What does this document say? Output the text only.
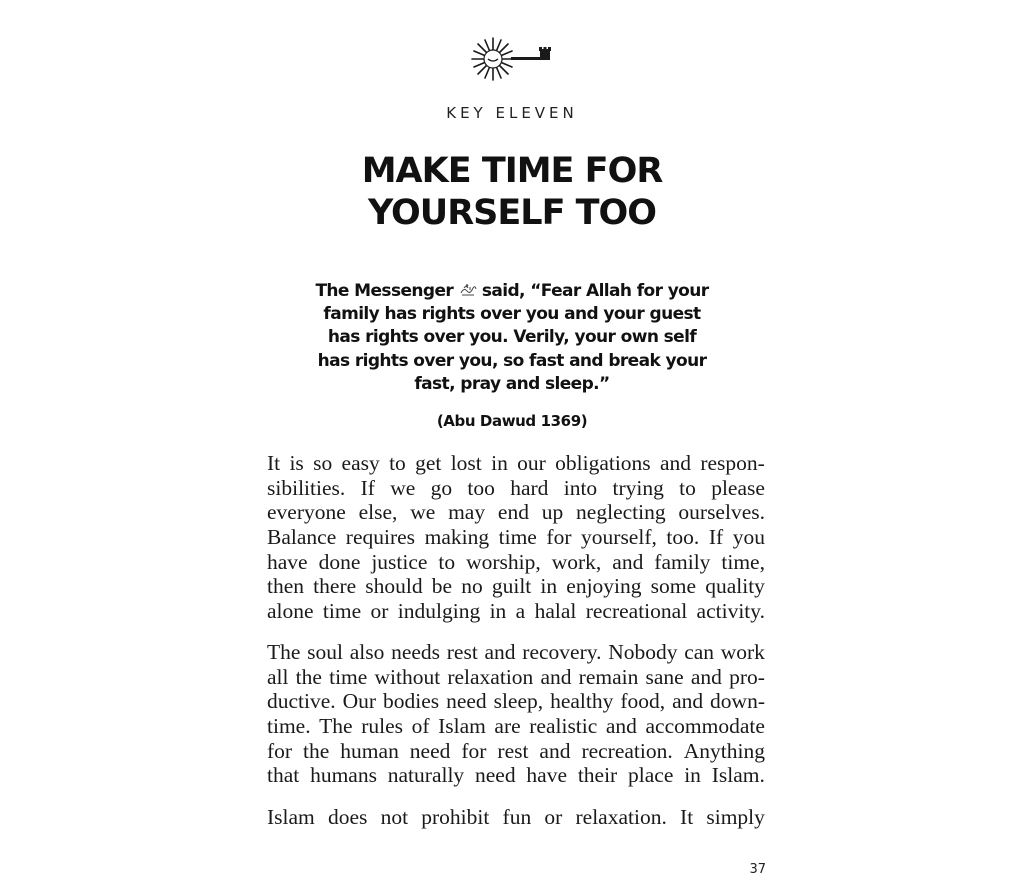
KEY ELEVEN
MAKE TIME FOR
YOURSELF TOO
The Messenger said, “Fear Allah for your
family has rights over you and your guest
has rights over you. Verily, your own self
has rights over you, so fast and break your
fast, pray and sleep.”
(Abu Dawud 1369)
It is so easy to get lost in our obligations and respon-
sibilities. If we go too hard into trying to please
everyone else, we may end up neglecting ourselves.
Balance requires making time for yourself, too. If you
have done justice to worship, work, and family time,
then there should be no guilt in enjoying some quality
alone time or indulging in a halal recreational activity.
The soul also needs rest and recovery. Nobody can work
all the time without relaxation and remain sane and pro-
ductive. Our bodies need sleep, healthy food, and down-
time. The rules of Islam are realistic and accommodate
for the human need for rest and recreation. Anything
that humans naturally need have their place in Islam.
Islam does not prohibit fun or relaxation. It simply
37
